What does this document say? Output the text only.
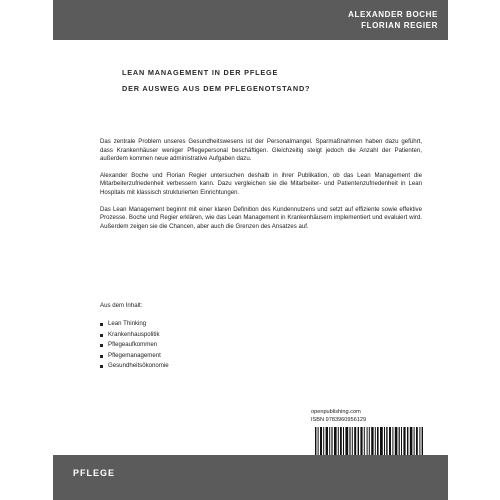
ALEXANDER BOCHE
FLORIAN REGIER
LEAN MANAGEMENT IN DER PFLEGE
DER AUSWEG AUS DEM PFLEGENOTSTAND?

Das zentrale Problem unseres Gesundheitswesens ist der Personalmangel. Sparmaßnahmen haben dazu geführt, dass Krankenhäuser weniger Pflegepersonal beschäftigen. Gleichzeitig steigt jedoch die Anzahl der Patienten, außerdem kommen neue administrative Aufgaben dazu.

Alexander Boche und Florian Regier untersuchen deshalb in ihrer Publikation, ob das Lean Management die Mitarbeiterzufriedenheit verbessern kann. Dazu vergleichen sie die Mitarbeiter- und Patientenzufriedenheit in Lean Hospitals mit klassisch strukturierten Einrichtungen.

Das Lean Management beginnt mit einer klaren Definition des Kundennutzens und setzt auf effiziente sowie effektive Prozesse. Boche und Regier erklären, wie das Lean Management in Krankenhäusern implementiert und evaluiert wird. Außerdem zeigen sie die Chancen, aber auch die Grenzen des Ansatzes auf.

Aus dem Inhalt:
Lean Thinking
Krankenhauspolitik
Pflegeaufkommen
Pflegemanagement
Gesundheitsökonomie
openpublishing.com
ISBN 9783960956129
PFLEGE
